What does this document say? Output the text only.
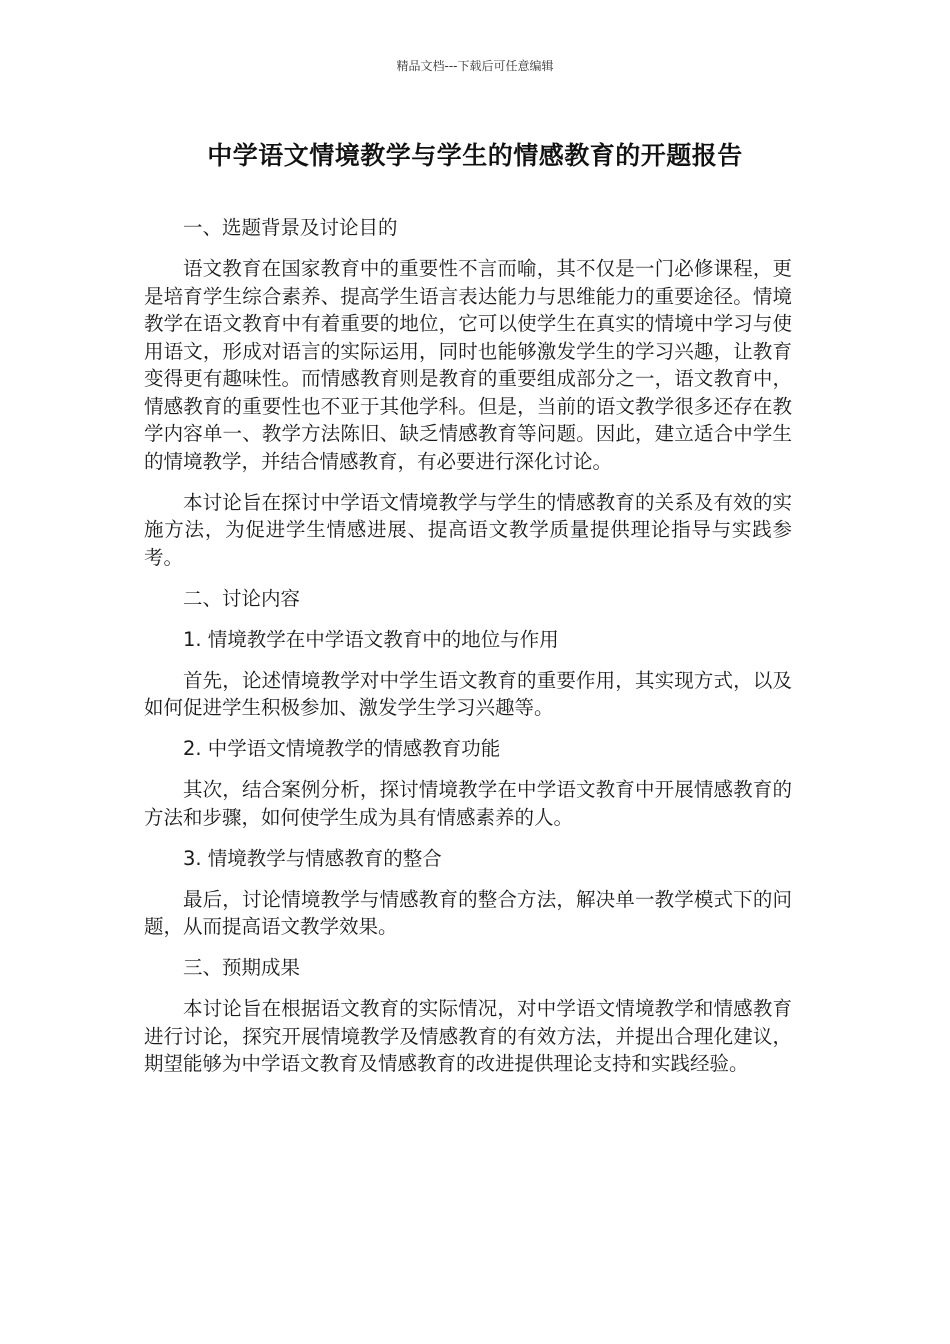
精品文档---下载后可任意编辑
中学语文情境教学与学生的情感教育的开题报告

一、选题背景及讨论目的

语文教育在国家教育中的重要性不言而喻，其不仅是一门必修课程，更是培育学生综合素养、提高学生语言表达能力与思维能力的重要途径。情境教学在语文教育中有着重要的地位，它可以使学生在真实的情境中学习与使用语文，形成对语言的实际运用，同时也能够激发学生的学习兴趣，让教育变得更有趣味性。而情感教育则是教育的重要组成部分之一，语文教育中，情感教育的重要性也不亚于其他学科。但是，当前的语文教学很多还存在教学内容单一、教学方法陈旧、缺乏情感教育等问题。因此，建立适合中学生的情境教学，并结合情感教育，有必要进行深化讨论。

本讨论旨在探讨中学语文情境教学与学生的情感教育的关系及有效的实施方法，为促进学生情感进展、提高语文教学质量提供理论指导与实践参考。

二、讨论内容

1. 情境教学在中学语文教育中的地位与作用

首先，论述情境教学对中学生语文教育的重要作用，其实现方式，以及如何促进学生积极参加、激发学生学习兴趣等。

2. 中学语文情境教学的情感教育功能

其次，结合案例分析，探讨情境教学在中学语文教育中开展情感教育的方法和步骤，如何使学生成为具有情感素养的人。

3. 情境教学与情感教育的整合

最后，讨论情境教学与情感教育的整合方法，解决单一教学模式下的问题，从而提高语文教学效果。

三、预期成果

本讨论旨在根据语文教育的实际情况，对中学语文情境教学和情感教育进行讨论，探究开展情境教学及情感教育的有效方法，并提出合理化建议，期望能够为中学语文教育及情感教育的改进提供理论支持和实践经验。
